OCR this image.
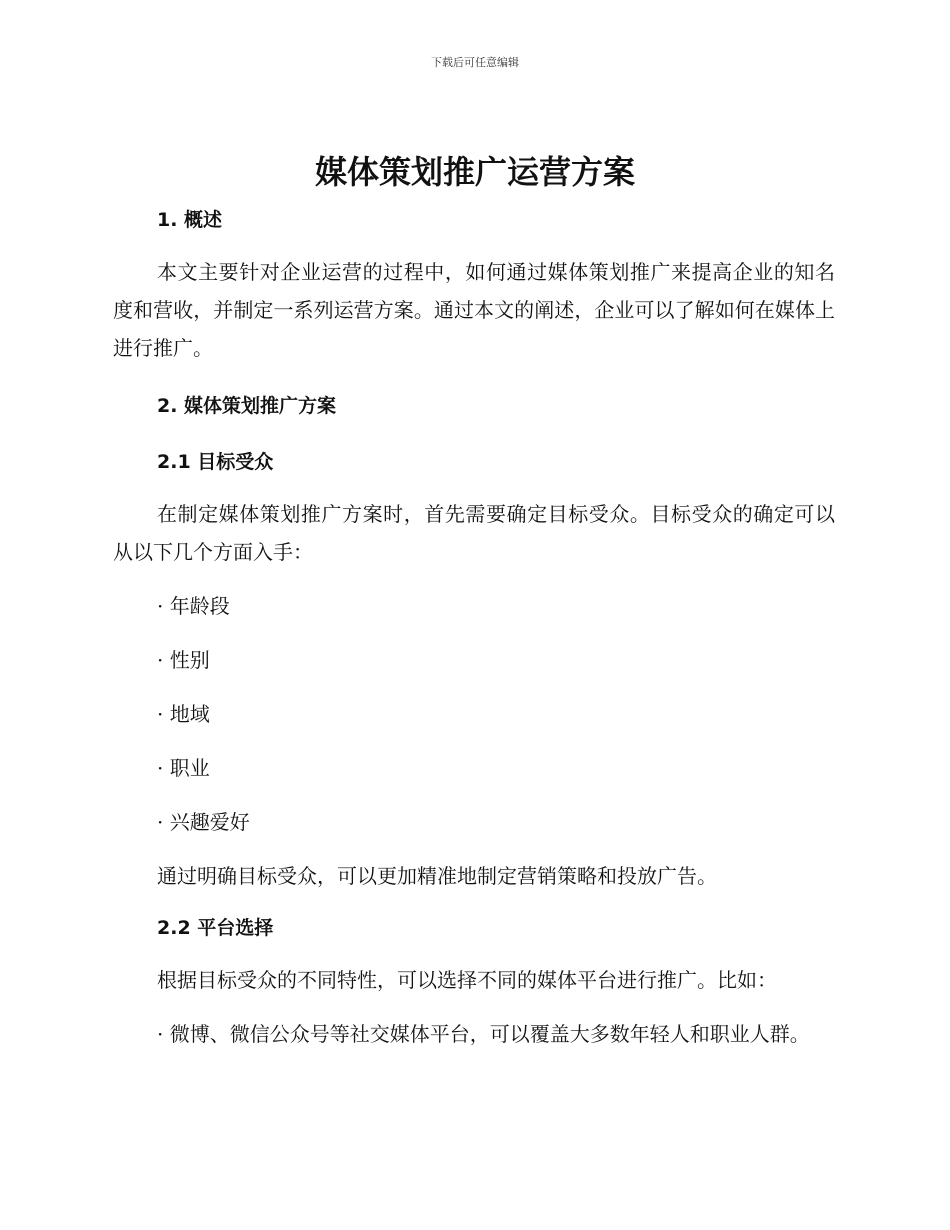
下载后可任意编辑
媒体策划推广运营方案
1. 概述
本文主要针对企业运营的过程中，如何通过媒体策划推广来提高企业的知名度和营收，并制定一系列运营方案。通过本文的阐述，企业可以了解如何在媒体上进行推广。
2. 媒体策划推广方案
2.1 目标受众
在制定媒体策划推广方案时，首先需要确定目标受众。目标受众的确定可以从以下几个方面入手：
· 年龄段
· 性别
· 地域
· 职业
· 兴趣爱好
通过明确目标受众，可以更加精准地制定营销策略和投放广告。
2.2 平台选择
根据目标受众的不同特性，可以选择不同的媒体平台进行推广。比如：
· 微博、微信公众号等社交媒体平台，可以覆盖大多数年轻人和职业人群。
